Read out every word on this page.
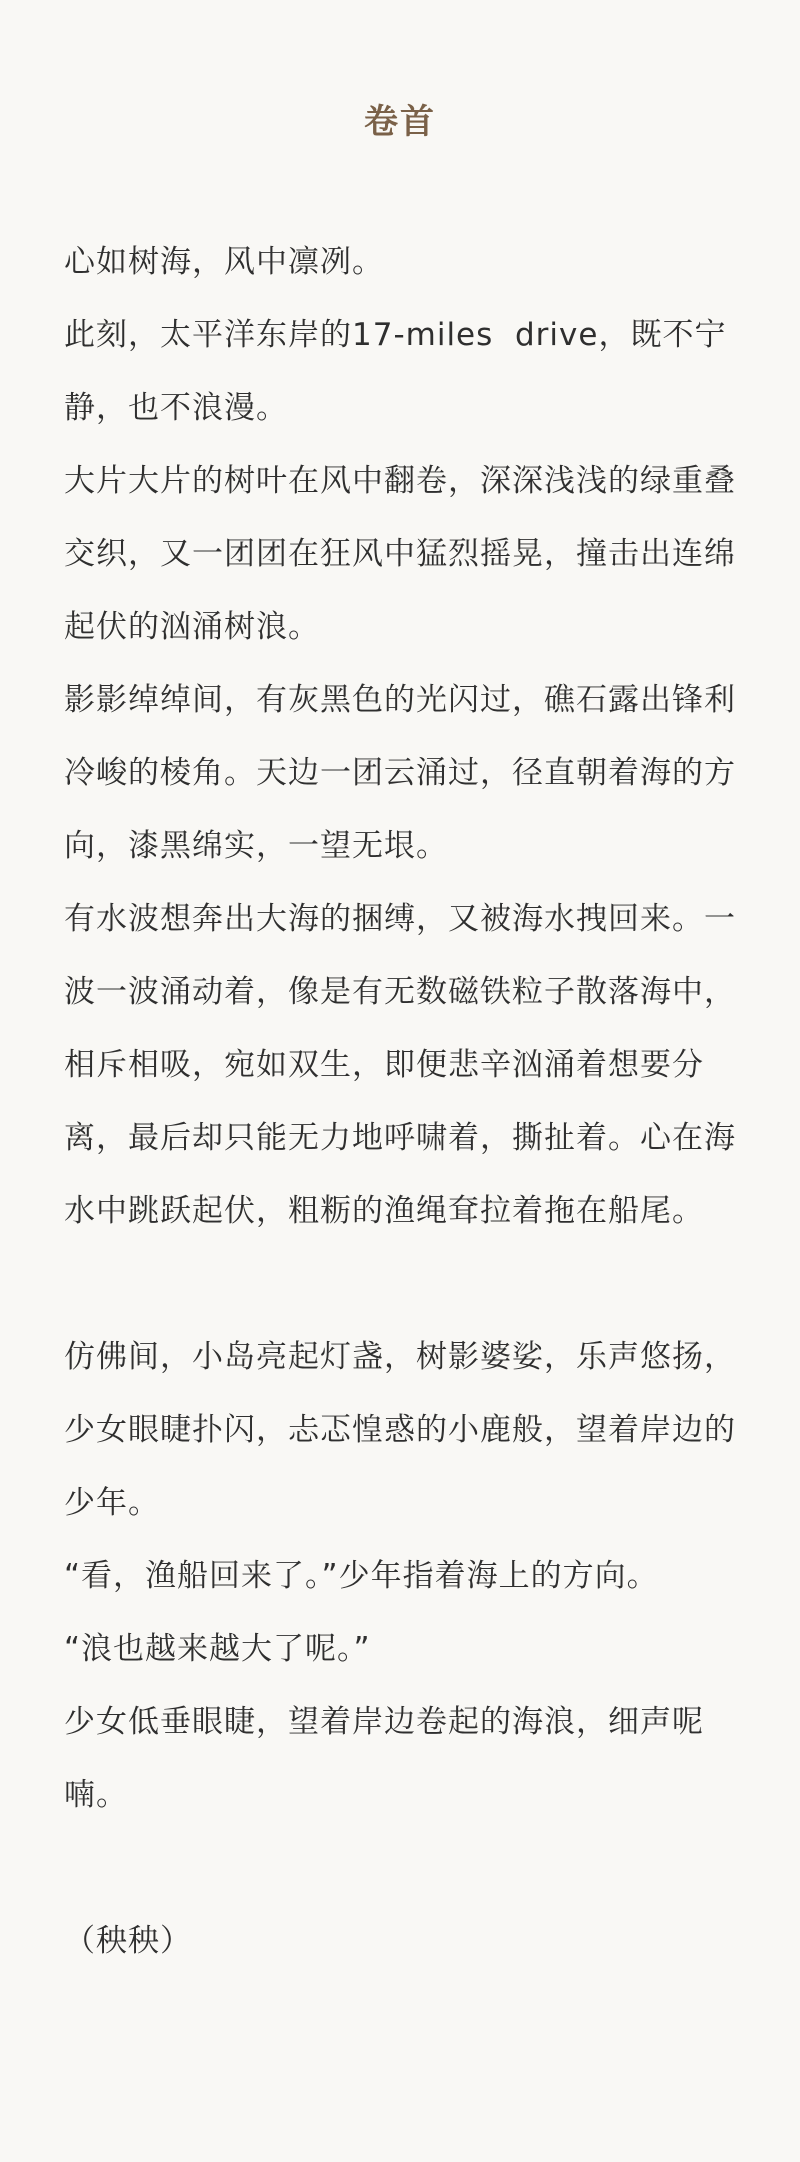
卷首

心如树海，风中凛冽。

此刻，太平洋东岸的17-miles  drive，既不宁静，也不浪漫。

大片大片的树叶在风中翻卷，深深浅浅的绿重叠交织，又一团团在狂风中猛烈摇晃，撞击出连绵起伏的汹涌树浪。

影影绰绰间，有灰黑色的光闪过，礁石露出锋利冷峻的棱角。天边一团云涌过，径直朝着海的方向，漆黑绵实，一望无垠。

有水波想奔出大海的捆缚，又被海水拽回来。一波一波涌动着，像是有无数磁铁粒子散落海中，相斥相吸，宛如双生，即便悲辛汹涌着想要分离，最后却只能无力地呼啸着，撕扯着。心在海水中跳跃起伏，粗粝的渔绳耷拉着拖在船尾。

仿佛间，小岛亮起灯盏，树影婆娑，乐声悠扬，少女眼睫扑闪，忐忑惶惑的小鹿般，望着岸边的少年。

“看，渔船回来了。”少年指着海上的方向。

“浪也越来越大了呢。”

少女低垂眼睫，望着岸边卷起的海浪，细声呢喃。

（秧秧）
